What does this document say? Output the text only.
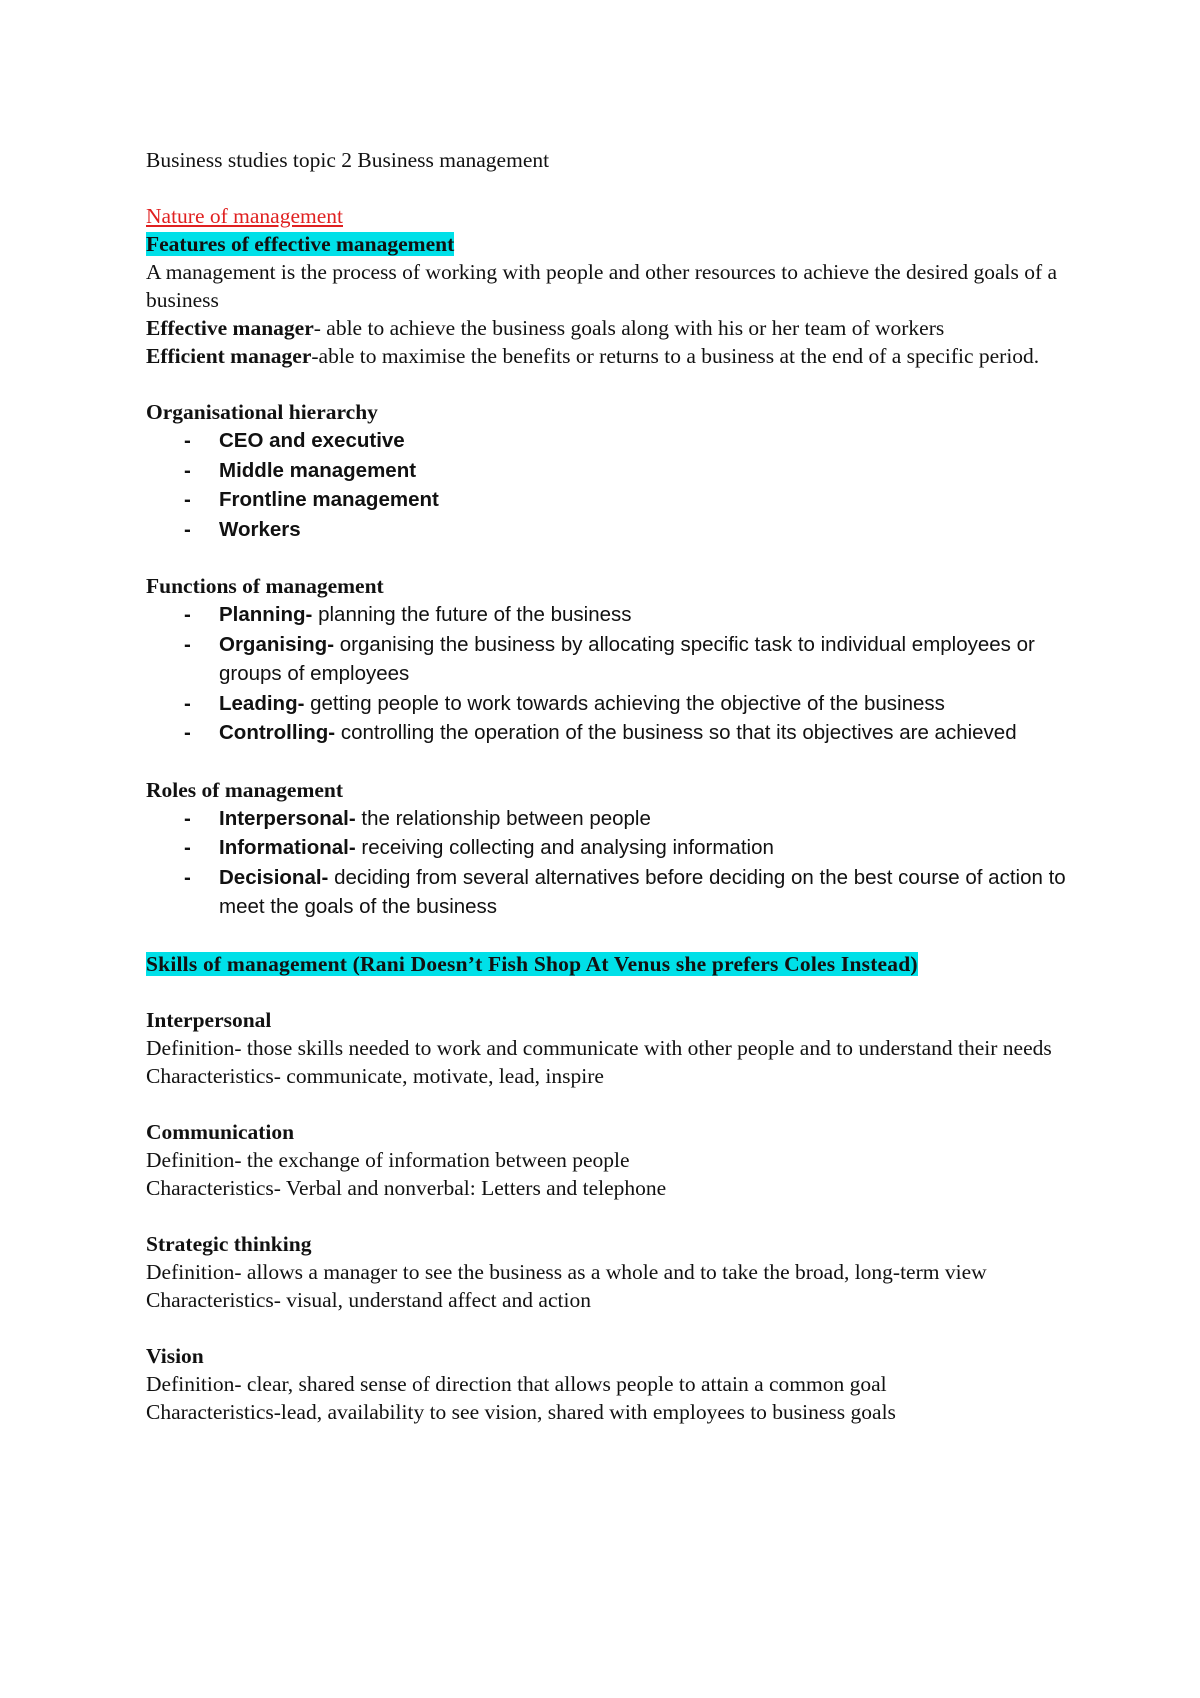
Business studies topic 2 Business management
Nature of management
Features of effective management
A management is the process of working with people and other resources to achieve the desired goals of a business
Effective manager- able to achieve the business goals along with his or her team of workers
Efficient manager-able to maximise the benefits or returns to a business at the end of a specific period.
Organisational hierarchy
- CEO and executive
- Middle management
- Frontline management
- Workers
Functions of management
- Planning- planning the future of the business
- Organising- organising the business by allocating specific task to individual employees or groups of employees
- Leading- getting people to work towards achieving the objective of the business
- Controlling- controlling the operation of the business so that its objectives are achieved
Roles of management
- Interpersonal- the relationship between people
- Informational- receiving collecting and analysing information
- Decisional- deciding from several alternatives before deciding on the best course of action to meet the goals of the business
Skills of management (Rani Doesn’t Fish Shop At Venus she prefers Coles Instead)
Interpersonal
Definition- those skills needed to work and communicate with other people and to understand their needs
Characteristics- communicate, motivate, lead, inspire
Communication
Definition- the exchange of information between people
Characteristics- Verbal and nonverbal: Letters and telephone
Strategic thinking
Definition- allows a manager to see the business as a whole and to take the broad, long-term view
Characteristics- visual, understand affect and action
Vision
Definition- clear, shared sense of direction that allows people to attain a common goal
Characteristics-lead, availability to see vision, shared with employees to business goals
